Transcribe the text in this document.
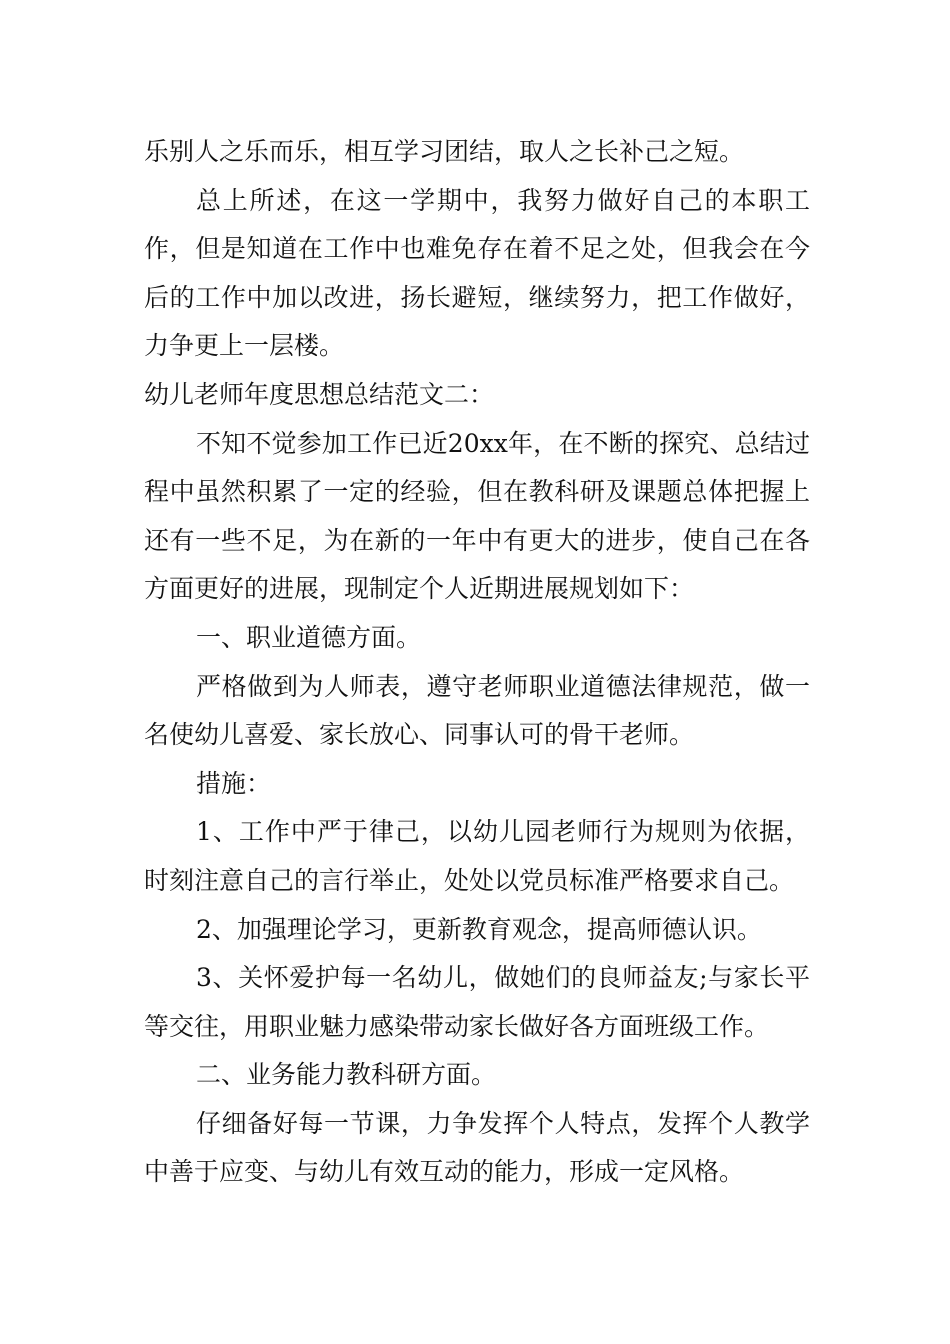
乐别人之乐而乐，相互学习团结，取人之长补己之短。

总上所述，在这一学期中，我努力做好自己的本职工作，但是知道在工作中也难免存在着不足之处，但我会在今后的工作中加以改进，扬长避短，继续努力，把工作做好，力争更上一层楼。

幼儿老师年度思想总结范文二：

不知不觉参加工作已近20xx年，在不断的探究、总结过程中虽然积累了一定的经验，但在教科研及课题总体把握上还有一些不足，为在新的一年中有更大的进步，使自己在各方面更好的进展，现制定个人近期进展规划如下：

一、职业道德方面。

严格做到为人师表，遵守老师职业道德法律规范，做一名使幼儿喜爱、家长放心、同事认可的骨干老师。

措施：

1、工作中严于律己，以幼儿园老师行为规则为依据，时刻注意自己的言行举止，处处以党员标准严格要求自己。

2、加强理论学习，更新教育观念，提高师德认识。

3、关怀爱护每一名幼儿，做她们的良师益友;与家长平等交往，用职业魅力感染带动家长做好各方面班级工作。

二、业务能力教科研方面。

仔细备好每一节课，力争发挥个人特点，发挥个人教学中善于应变、与幼儿有效互动的能力，形成一定风格。
